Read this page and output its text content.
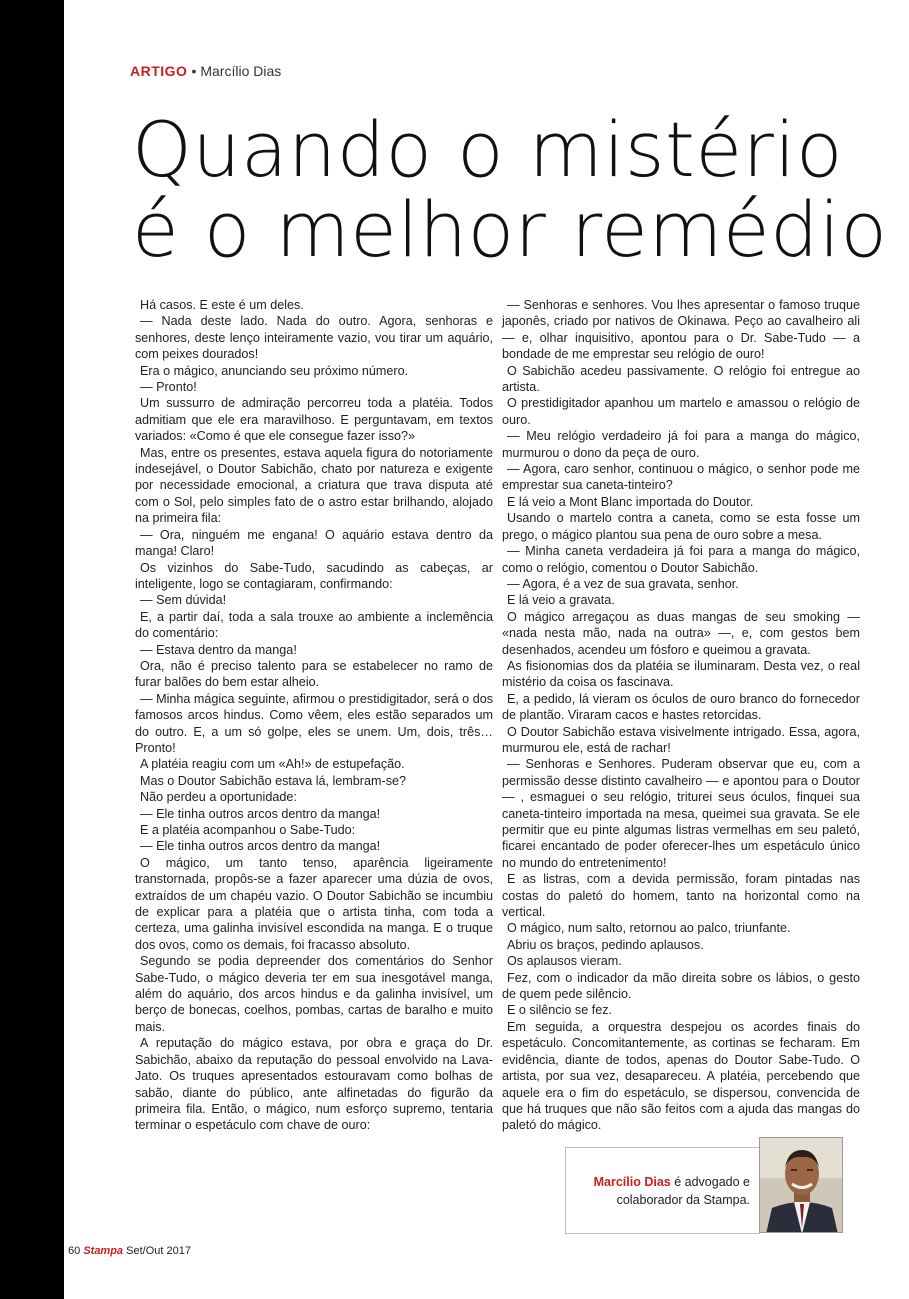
ARTIGO • Marcílio Dias
Quando o mistério
é o melhor remédio

Há casos. E este é um deles.

— Nada deste lado. Nada do outro. Agora, senhoras e senhores, deste lenço inteiramente vazio, vou tirar um aquário, com peixes dourados!

Era o mágico, anunciando seu próximo número.

— Pronto!

Um sussurro de admiração percorreu toda a platéia. Todos admitiam que ele era maravilhoso. E perguntavam, em textos variados: «Como é que ele consegue fazer isso?»

Mas, entre os presentes, estava aquela figura do notoriamente indesejável, o Doutor Sabichão, chato por natureza e exigente por necessidade emocional, a criatura que trava disputa até com o Sol, pelo simples fato de o astro estar brilhando, alojado na primeira fila:

— Ora, ninguém me engana! O aquário estava dentro da manga! Claro!

Os vizinhos do Sabe-Tudo, sacudindo as cabeças, ar inteligente, logo se contagiaram, confirmando:

— Sem dúvida!

E, a partir daí, toda a sala trouxe ao ambiente a inclemência do comentário:

— Estava dentro da manga!

Ora, não é preciso talento para se estabelecer no ramo de furar balões do bem estar alheio.

— Minha mágica seguinte, afirmou o prestidigitador, será o dos famosos arcos hindus. Como vêem, eles estão separados um do outro. E, a um só golpe, eles se unem. Um, dois, três… Pronto!

A platéia reagiu com um «Ah!» de estupefação.

Mas o Doutor Sabichão estava lá, lembram-se?

Não perdeu a oportunidade:

— Ele tinha outros arcos dentro da manga!

E a platéia acompanhou o Sabe-Tudo:

— Ele tinha outros arcos dentro da manga!

O mágico, um tanto tenso, aparência ligeiramente transtornada, propôs-se a fazer aparecer uma dúzia de ovos, extraídos de um chapéu vazio. O Doutor Sabichão se incumbiu de explicar para a platéia que o artista tinha, com toda a certeza, uma galinha invisível escondida na manga. E o truque dos ovos, como os demais, foi fracasso absoluto.

Segundo se podia depreender dos comentários do Senhor Sabe-Tudo, o mágico deveria ter em sua inesgotável manga, além do aquário, dos arcos hindus e da galinha invisível, um berço de bonecas, coelhos, pombas, cartas de baralho e muito mais.

A reputação do mágico estava, por obra e graça do Dr. Sabichão, abaixo da reputação do pessoal envolvido na Lava-Jato. Os truques apresentados estouravam como bolhas de sabão, diante do público, ante alfinetadas do figurão da primeira fila. Então, o mágico, num esforço supremo, tentaria terminar o espetáculo com chave de ouro:

— Senhoras e senhores. Vou lhes apresentar o famoso truque japonês, criado por nativos de Okinawa. Peço ao cavalheiro ali — e, olhar inquisitivo, apontou para o Dr. Sabe-Tudo — a bondade de me emprestar seu relógio de ouro!

O Sabichão acedeu passivamente. O relógio foi entregue ao artista.

O prestidigitador apanhou um martelo e amassou o relógio de ouro.

— Meu relógio verdadeiro já foi para a manga do mágico, murmurou o dono da peça de ouro.

— Agora, caro senhor, continuou o mágico, o senhor pode me emprestar sua caneta-tinteiro?

E lá veio a Mont Blanc importada do Doutor.

Usando o martelo contra a caneta, como se esta fosse um prego, o mágico plantou sua pena de ouro sobre a mesa.

— Minha caneta verdadeira já foi para a manga do mágico, como o relógio, comentou o Doutor Sabichão.

— Agora, é a vez de sua gravata, senhor.

E lá veio a gravata.

O mágico arregaçou as duas mangas de seu smoking — «nada nesta mão, nada na outra» —, e, com gestos bem desenhados, acendeu um fósforo e queimou a gravata.

As fisionomias dos da platéia se iluminaram. Desta vez, o real mistério da coisa os fascinava.

E, a pedido, lá vieram os óculos de ouro branco do fornecedor de plantão. Viraram cacos e hastes retorcidas.

O Doutor Sabichão estava visivelmente intrigado. Essa, agora, murmurou ele, está de rachar!

— Senhoras e Senhores. Puderam observar que eu, com a permissão desse distinto cavalheiro — e apontou para o Doutor — , esmaguei o seu relógio, triturei seus óculos, finquei sua caneta-tinteiro importada na mesa, queimei sua gravata. Se ele permitir que eu pinte algumas listras vermelhas em seu paletó, ficarei encantado de poder oferecer-lhes um espetáculo único no mundo do entretenimento!

E as listras, com a devida permissão, foram pintadas nas costas do paletó do homem, tanto na horizontal como na vertical.

O mágico, num salto, retornou ao palco, triunfante.

Abriu os braços, pedindo aplausos.

Os aplausos vieram.

Fez, com o indicador da mão direita sobre os lábios, o gesto de quem pede silêncio.

E o silêncio se fez.

Em seguida, a orquestra despejou os acordes finais do espetáculo. Concomitantemente, as cortinas se fecharam. Em evidência, diante de todos, apenas do Doutor Sabe-Tudo. O artista, por sua vez, desapareceu. A platéia, percebendo que aquele era o fim do espetáculo, se dispersou, convencida de que há truques que não são feitos com a ajuda das mangas do paletó do mágico.

Marcílio Dias é advogado e
colaborador da Stampa.
60 Stampa Set/Out 2017
